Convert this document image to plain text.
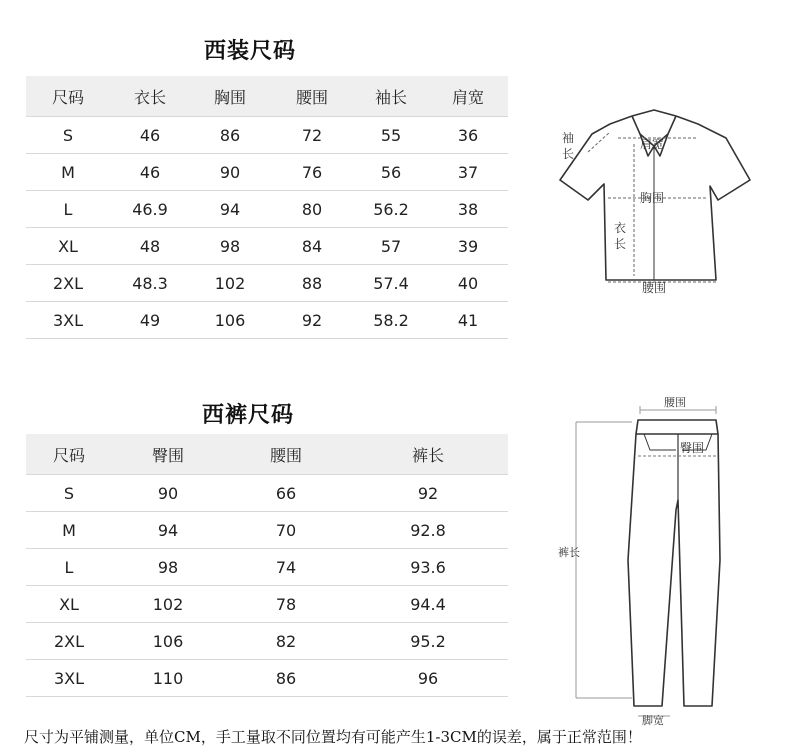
西装尺码
尺码	衣长	胸围	腰围	袖长	肩宽
S	46	86	72	55	36
M	46	90	76	56	37
L	46.9	94	80	56.2	38
XL	48	98	84	57	39
2XL	48.3	102	88	57.4	40
3XL	49	106	92	58.2	41
袖
长
肩宽
胸围
衣
长
腰围
西裤尺码
尺码	臀围	腰围	裤长
S	90	66	92
M	94	70	92.8
L	98	74	93.6
XL	102	78	94.4
2XL	106	82	95.2
3XL	110	86	96
腰围
臀围
裤长
脚宽
尺寸为平铺测量，单位CM，手工量取不同位置均有可能产生1-3CM的误差，属于正常范围！
